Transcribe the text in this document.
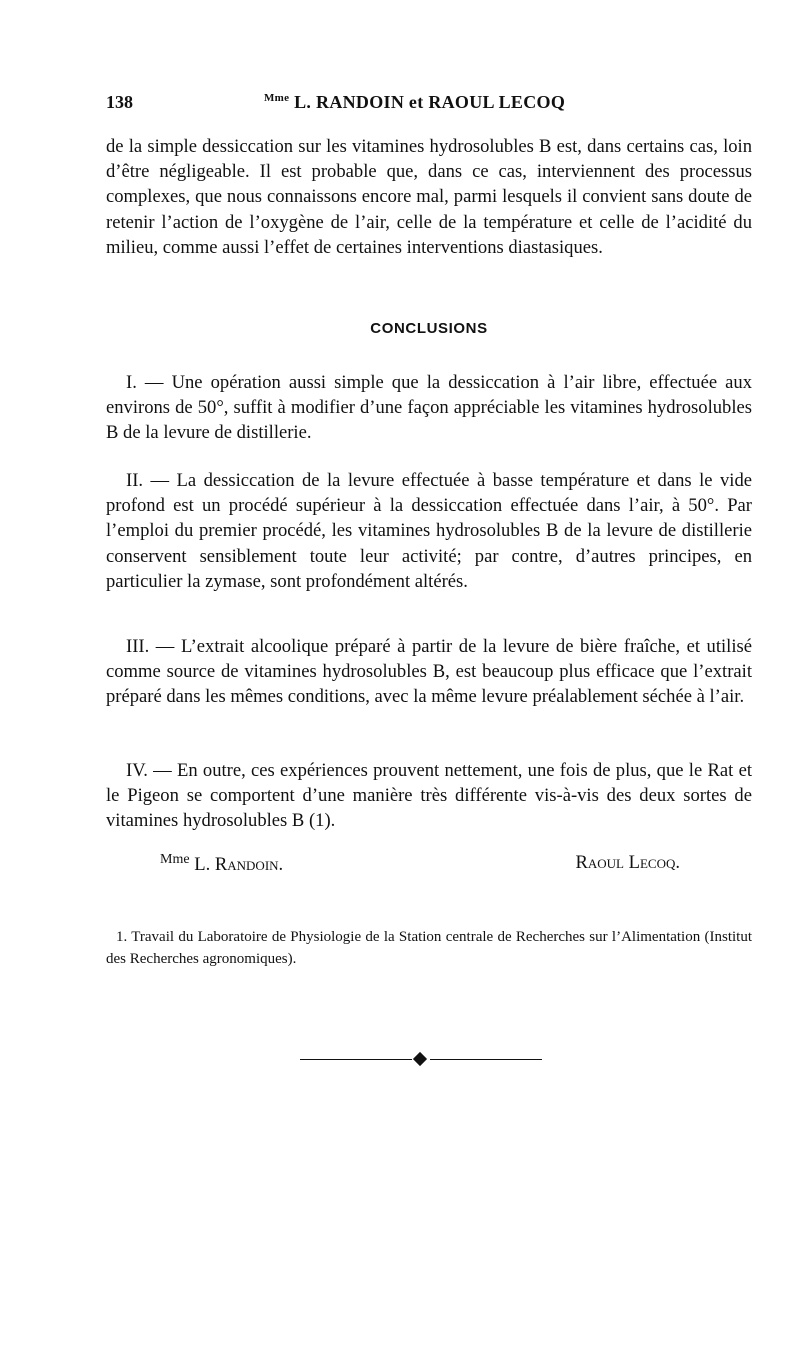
138	$^{Mme}$ L. RANDOIN et RAOUL LECOQ

de la simple dessiccation sur les vitamines hydrosolubles B est, dans certains cas, loin d’être négligeable. Il est probable que, dans ce cas, interviennent des processus complexes, que nous connaissons encore mal, parmi lesquels il convient sans doute de retenir l’action de l’oxygène de l’air, celle de la température et celle de l’acidité du milieu, comme aussi l’effet de certaines interventions diastasiques.

CONCLUSIONS

I. — Une opération aussi simple que la dessiccation à l’air libre, effectuée aux environs de 50°, suffit à modifier d’une façon appréciable les vitamines hydrosolubles B de la levure de distillerie.

II. — La dessiccation de la levure effectuée à basse température et dans le vide profond est un procédé supérieur à la dessiccation effectuée dans l’air, à 50°. Par l’emploi du premier procédé, les vitamines hydrosolubles B de la levure de distillerie conservent sensiblement toute leur activité; par contre, d’autres principes, en particulier la zymase, sont profondément altérés.

III. — L’extrait alcoolique préparé à partir de la levure de bière fraîche, et utilisé comme source de vitamines hydrosolubles B, est beaucoup plus efficace que l’extrait préparé dans les mêmes conditions, avec la même levure préalablement séchée à l’air.

IV. — En outre, ces expériences prouvent nettement, une fois de plus, que le Rat et le Pigeon se comportent d’une manière très différente vis-à-vis des deux sortes de vitamines hydrosolubles B (1).

$^{Mme}$ L. Randoin.	Raoul Lecoq.

1. Travail du Laboratoire de Physiologie de la Station centrale de Recherches sur l’Alimentation (Institut des Recherches agronomiques).
